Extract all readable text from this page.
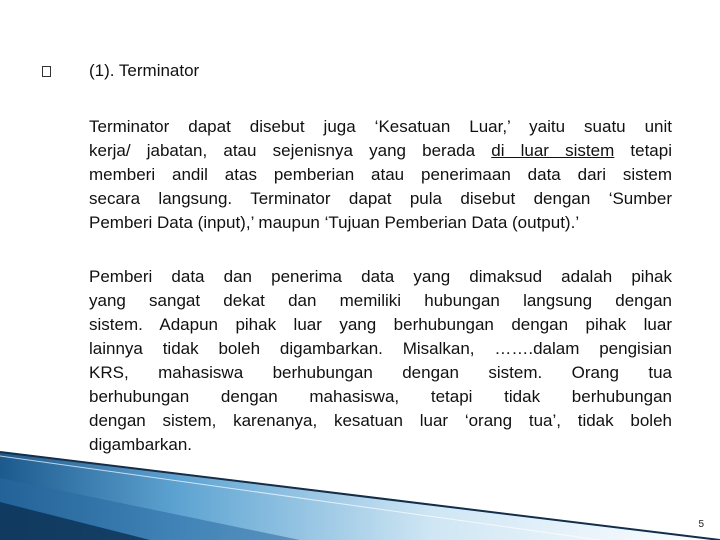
(1). Terminator
Terminator dapat disebut juga ‘Kesatuan Luar,’ yaitu suatu unit
kerja/ jabatan, atau sejenisnya yang berada di luar sistem tetapi
memberi andil atas pemberian atau penerimaan data dari sistem
secara langsung. Terminator dapat pula disebut dengan ‘Sumber
Pemberi Data (input),’ maupun ‘Tujuan Pemberian Data (output).’
Pemberi data dan penerima data yang dimaksud adalah pihak
yang sangat dekat dan memiliki hubungan langsung dengan
sistem. Adapun pihak luar yang berhubungan dengan pihak luar
lainnya tidak boleh digambarkan. Misalkan, …….dalam pengisian
KRS, mahasiswa berhubungan dengan sistem. Orang tua
berhubungan dengan mahasiswa, tetapi tidak berhubungan
dengan sistem, karenanya, kesatuan luar ‘orang tua’, tidak boleh
digambarkan.
5
